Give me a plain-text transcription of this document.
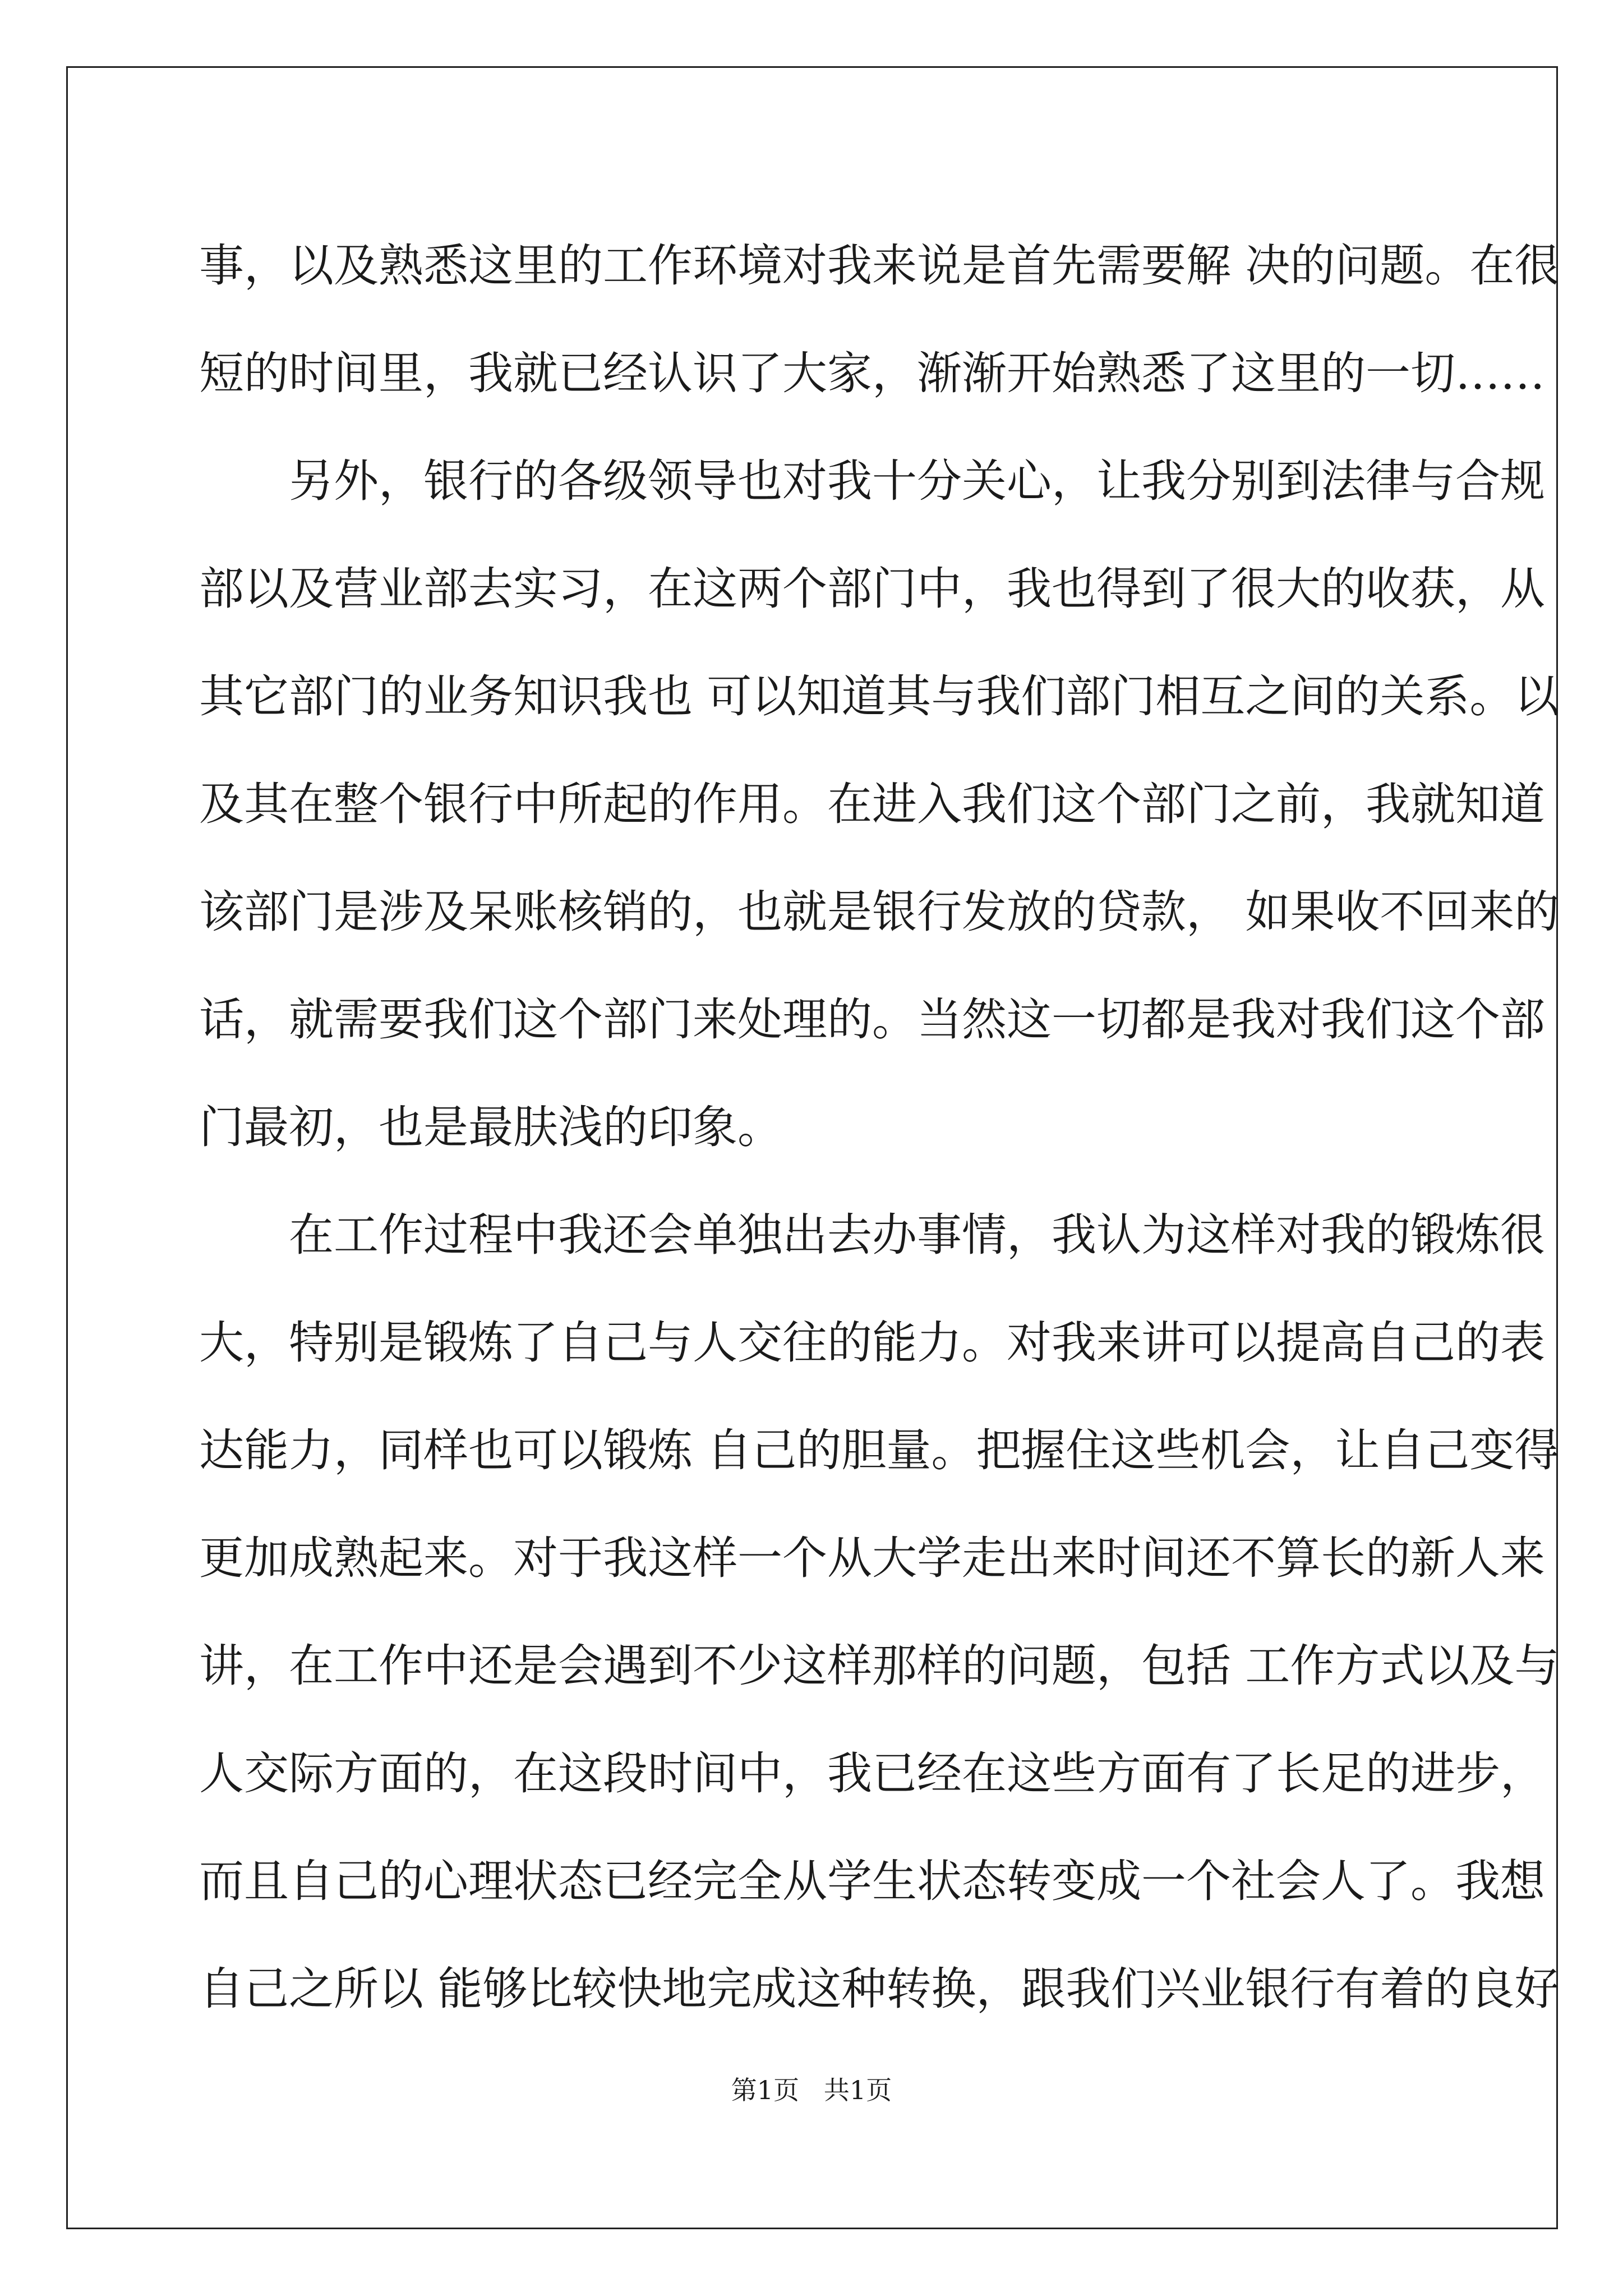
事，以及熟悉这里的工作环境对我来说是首先需要解 决的问题。在很
短的时间里，我就已经认识了大家，渐渐开始熟悉了这里的一切……
另外，银行的各级领导也对我十分关心，让我分别到法律与合规
部以及营业部去实习，在这两个部门中，我也得到了很大的收获，从
其它部门的业务知识我也 可以知道其与我们部门相互之间的关系。以
及其在整个银行中所起的作用。在进入我们这个部门之前，我就知道
该部门是涉及呆账核销的，也就是银行发放的贷款， 如果收不回来的
话，就需要我们这个部门来处理的。当然这一切都是我对我们这个部
门最初，也是最肤浅的印象。
在工作过程中我还会单独出去办事情，我认为这样对我的锻炼很
大，特别是锻炼了自己与人交往的能力。对我来讲可以提高自己的表
达能力，同样也可以锻炼 自己的胆量。把握住这些机会，让自己变得
更加成熟起来。对于我这样一个从大学走出来时间还不算长的新人来
讲，在工作中还是会遇到不少这样那样的问题，包括 工作方式以及与
人交际方面的，在这段时间中，我已经在这些方面有了长足的进步，
而且自己的心理状态已经完全从学生状态转变成一个社会人了。我想
自己之所以 能够比较快地完成这种转换，跟我们兴业银行有着的良好
第1页   共1页
